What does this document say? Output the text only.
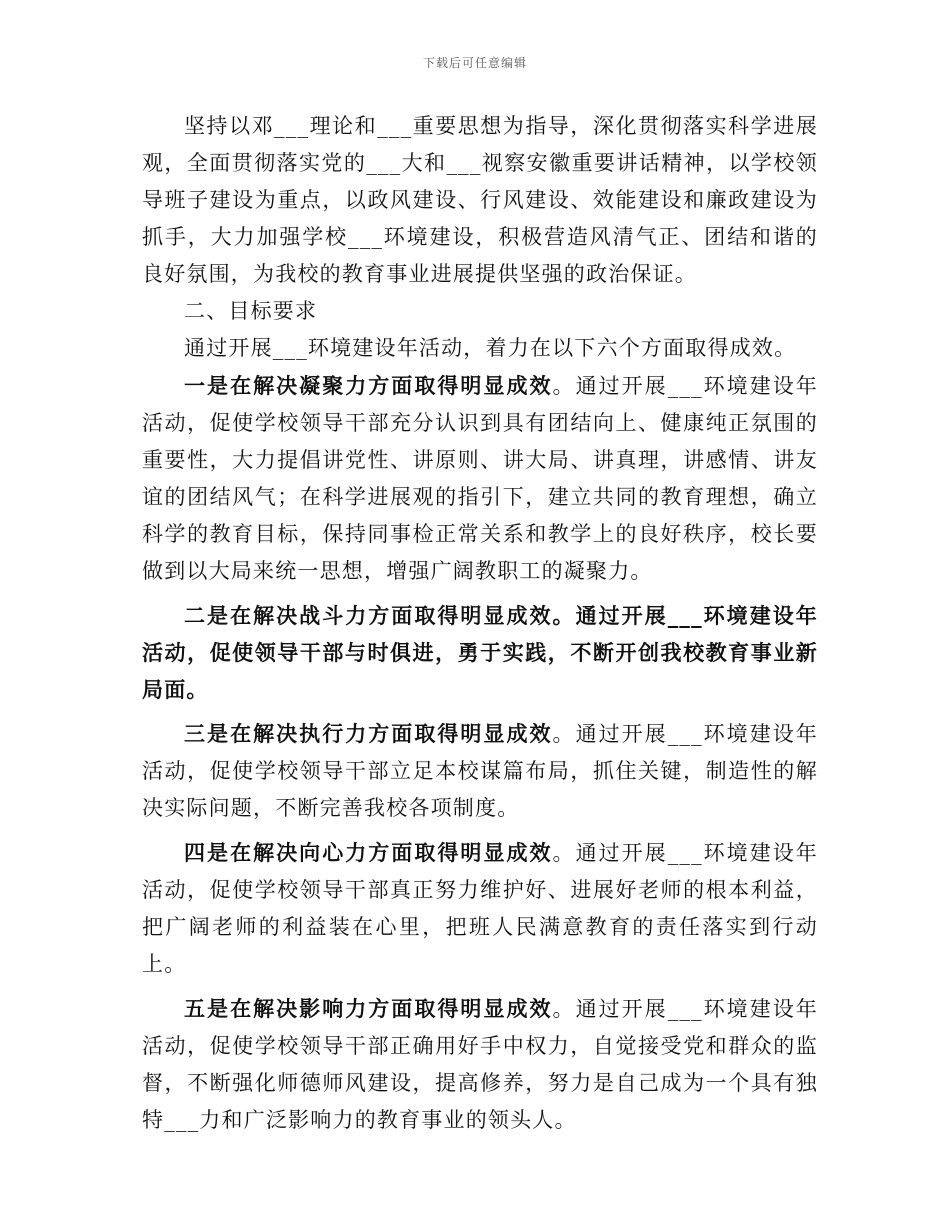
下载后可任意编辑

坚持以邓___理论和___重要思想为指导，深化贯彻落实科学进展观，全面贯彻落实党的___大和___视察安徽重要讲话精神，以学校领导班子建设为重点，以政风建设、行风建设、效能建设和廉政建设为抓手，大力加强学校___环境建设，积极营造风清气正、团结和谐的良好氛围，为我校的教育事业进展提供坚强的政治保证。

二、目标要求

通过开展___环境建设年活动，着力在以下六个方面取得成效。

一是在解决凝聚力方面取得明显成效。通过开展___环境建设年活动，促使学校领导干部充分认识到具有团结向上、健康纯正氛围的重要性，大力提倡讲党性、讲原则、讲大局、讲真理，讲感情、讲友谊的团结风气；在科学进展观的指引下，建立共同的教育理想，确立科学的教育目标，保持同事检正常关系和教学上的良好秩序，校长要做到以大局来统一思想，增强广阔教职工的凝聚力。

二是在解决战斗力方面取得明显成效。通过开展___环境建设年活动，促使领导干部与时俱进，勇于实践，不断开创我校教育事业新局面。

三是在解决执行力方面取得明显成效。通过开展___环境建设年活动，促使学校领导干部立足本校谋篇布局，抓住关键，制造性的解决实际问题，不断完善我校各项制度。

四是在解决向心力方面取得明显成效。通过开展___环境建设年活动，促使学校领导干部真正努力维护好、进展好老师的根本利益，把广阔老师的利益装在心里，把班人民满意教育的责任落实到行动上。

五是在解决影响力方面取得明显成效。通过开展___环境建设年活动，促使学校领导干部正确用好手中权力，自觉接受党和群众的监督，不断强化师德师风建设，提高修养，努力是自己成为一个具有独特___力和广泛影响力的教育事业的领头人。
